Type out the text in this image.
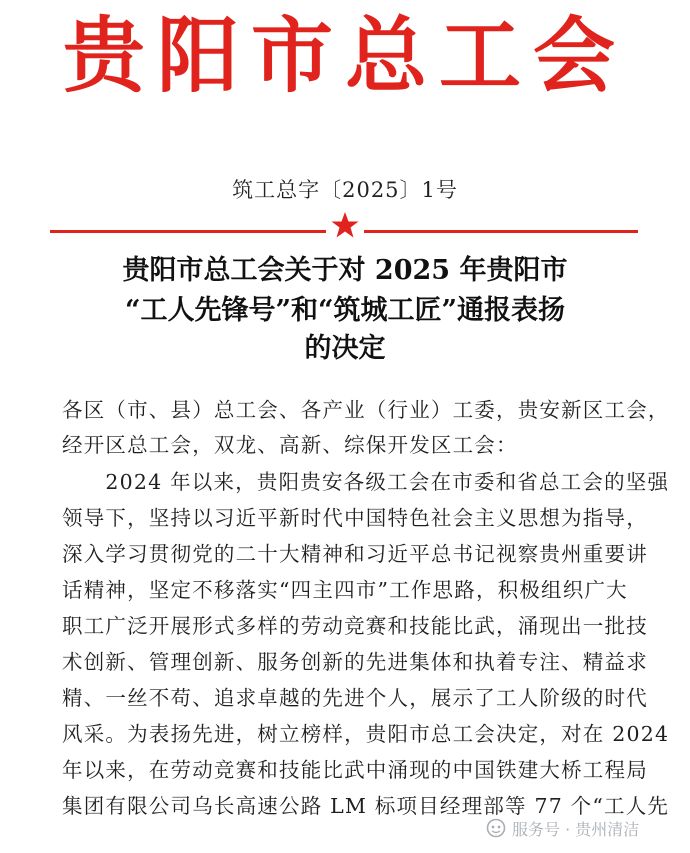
贵阳市总工会
筑工总字〔2025〕1号
贵阳市总工会关于对 2025 年贵阳市
“工人先锋号”和“筑城工匠”通报表扬
的决定
各区（市、县）总工会、各产业（行业）工委，贵安新区工会，
经开区总工会，双龙、高新、综保开发区工会：
　　2024 年以来，贵阳贵安各级工会在市委和省总工会的坚强
领导下，坚持以习近平新时代中国特色社会主义思想为指导，
深入学习贯彻党的二十大精神和习近平总书记视察贵州重要讲
话精神，坚定不移落实“四主四市”工作思路，积极组织广大
职工广泛开展形式多样的劳动竞赛和技能比武，涌现出一批技
术创新、管理创新、服务创新的先进集体和执着专注、精益求
精、一丝不苟、追求卓越的先进个人，展示了工人阶级的时代
风采。为表扬先进，树立榜样，贵阳市总工会决定，对在 2024
年以来，在劳动竞赛和技能比武中涌现的中国铁建大桥工程局
集团有限公司乌长高速公路 LM 标项目经理部等 77 个“工人先
服务号 · 贵州清洁
